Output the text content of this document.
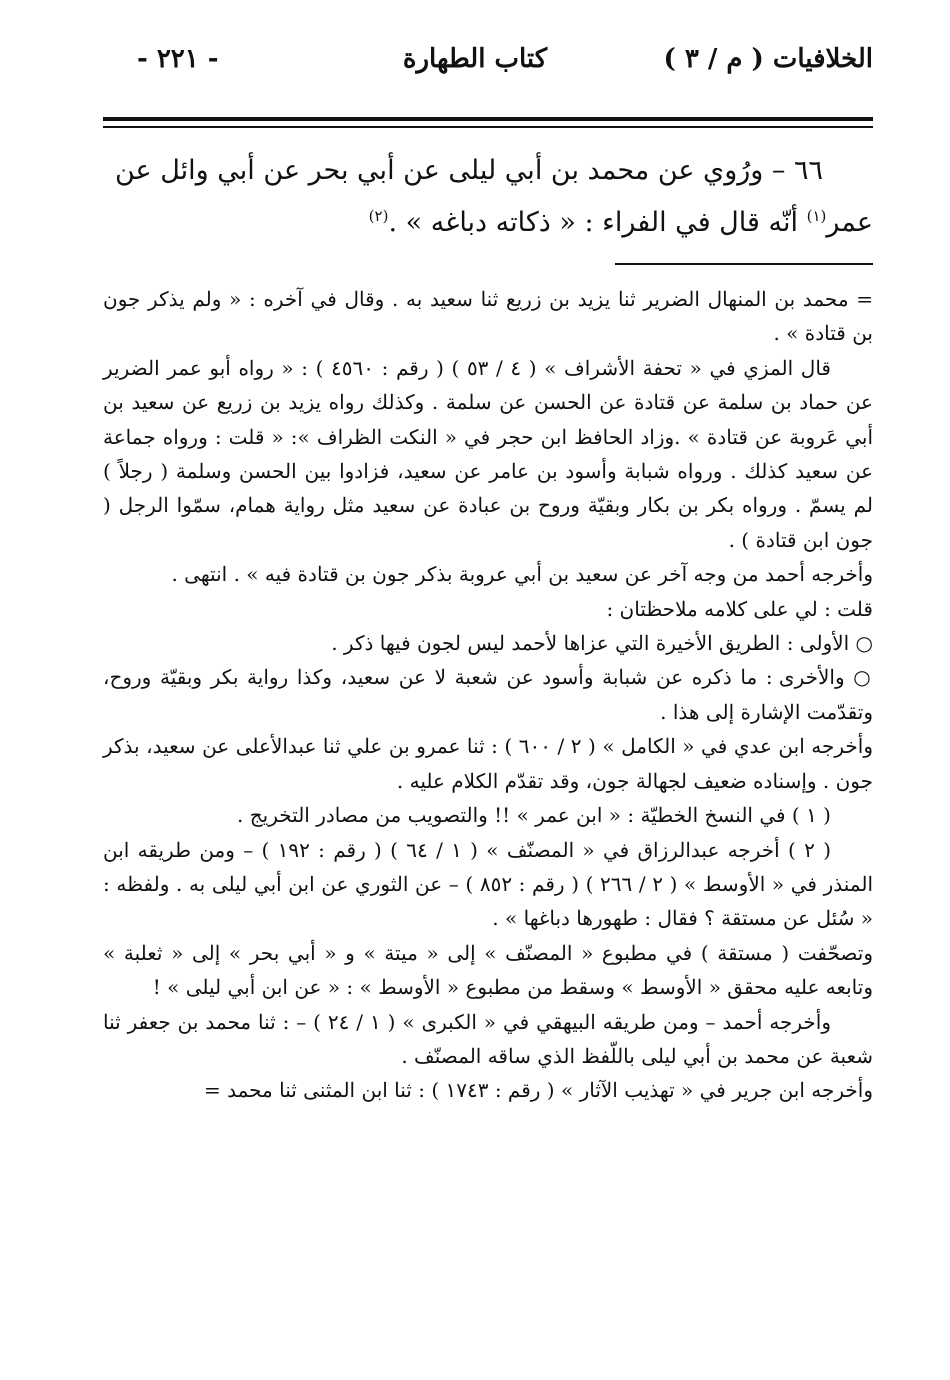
الخلافيات ( م / ٣ )
كتاب الطهارة
- ٢٢١ -

٦٦ – ورُوي عن محمد بن أبي ليلى عن أبي بحر عن أبي وائل عن

عمر$^{(١)}$ أنّه قال في الفراء : « ذكاته دباغه » .$^{(٢)}$

= محمد بن المنهال الضرير ثنا يزيد بن زريع ثنا سعيد به . وقال في آخره : « ولم يذكر جون بن قتادة » .

قال المزي في « تحفة الأشراف » ( ٤ / ٥٣ ) ( رقم : ٤٥٦٠ ) : « رواه أبو عمر الضرير عن حماد بن سلمة عن قتادة عن الحسن عن سلمة . وكذلك رواه يزيد بن زريع عن سعيد بن أبي عَروبة عن قتادة » .وزاد الحافظ ابن حجر في « النكت الظراف »: « قلت : ورواه جماعة عن سعيد كذلك . ورواه شبابة وأسود بن عامر عن سعيد، فزادوا بين الحسن وسلمة ( رجلاً ) لم يسمّ . ورواه بكر بن بكار وبقيّة وروح بن عبادة عن سعيد مثل رواية همام، سمّوا الرجل ( جون ابن قتادة ) .

وأخرجه أحمد من وجه آخر عن سعيد بن أبي عروبة بذكر جون بن قتادة فيه » . انتهى .

قلت : لي على كلامه ملاحظتان :

○ الأولى : الطريق الأخيرة التي عزاها لأحمد ليس لجون فيها ذكر .

○ والأخرى : ما ذكره عن شبابة وأسود عن شعبة لا عن سعيد، وكذا رواية بكر وبقيّة وروح، وتقدّمت الإشارة إلى هذا .

وأخرجه ابن عدي في « الكامل » ( ٢ / ٦٠٠ ) : ثنا عمرو بن علي ثنا عبدالأعلى عن سعيد، بذكر جون . وإسناده ضعيف لجهالة جون، وقد تقدّم الكلام عليه .

( ١ ) في النسخ الخطيّة : « ابن عمر » !! والتصويب من مصادر التخريج .

( ٢ ) أخرجه عبدالرزاق في « المصنّف » ( ١ / ٦٤ ) ( رقم : ١٩٢ ) – ومن طريقه ابن المنذر في « الأوسط » ( ٢ / ٢٦٦ ) ( رقم : ٨٥٢ ) – عن الثوري عن ابن أبي ليلى به . ولفظه : « سُئل عن مستقة ؟ فقال : طهورها دباغها » .

وتصحّفت ( مستقة ) في مطبوع « المصنّف » إلى « ميتة » و « أبي بحر » إلى « ثعلبة » وتابعه عليه محقق « الأوسط » وسقط من مطبوع « الأوسط » : « عن ابن أبي ليلى » !

وأخرجه أحمد – ومن طريقه البيهقي في « الكبرى » ( ١ / ٢٤ ) – : ثنا محمد بن جعفر ثنا شعبة عن محمد بن أبي ليلى باللّفظ الذي ساقه المصنّف .

وأخرجه ابن جرير في « تهذيب الآثار » ( رقم : ١٧٤٣ ) : ثنا ابن المثنى ثنا محمد =
